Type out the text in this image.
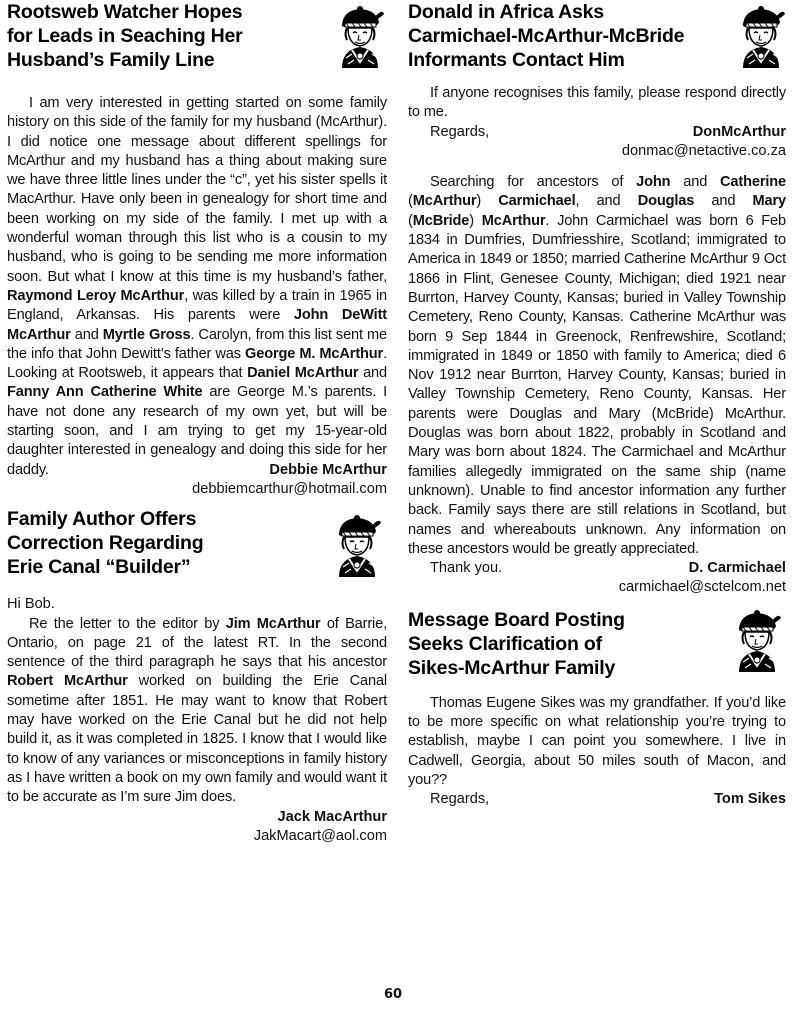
Rootsweb Watcher Hopes
for Leads in Seaching Her
Husband’s Family Line
I am very interested in getting started on some family history on this side of the family for my husband (McArthur). I did notice one message about different spellings for McArthur and my husband has a thing about making sure we have three little lines under the “c”, yet his sister spells it MacArthur. Have only been in genealogy for short time and been working on my side of the family. I met up with a wonderful woman through this list who is a cousin to my husband, who is going to be sending me more information soon. But what I know at this time is my husband’s father, Raymond Leroy McArthur, was killed by a train in 1965 in England, Arkansas. His parents were John DeWitt McArthur and Myrtle Gross. Carolyn, from this list sent me the info that John Dewitt’s father was George M. McArthur. Looking at Rootsweb, it appears that Daniel McArthur and Fanny Ann Catherine White are George M.’s parents. I have not done any research of my own yet, but will be starting soon, and I am trying to get my 15-year-old daughter interested in genealogy and doing this side for her daddy.	Debbie McArthur
debbiemcarthur@hotmail.com
Family Author Offers
Correction Regarding
Erie Canal “Builder”
Hi Bob.
Re the letter to the editor by Jim McArthur of Barrie, Ontario, on page 21 of the latest RT. In the second sentence of the third paragraph he says that his ancestor Robert McArthur worked on building the Erie Canal sometime after 1851. He may want to know that Robert may have worked on the Erie Canal but he did not help build it, as it was completed in 1825. I know that I would like to know of any variances or misconceptions in family history as I have written a book on my own family and would want it to be accurate as I’m sure Jim does.
Jack MacArthur
JakMacart@aol.com
Donald in Africa Asks
Carmichael-McArthur-McBride
Informants Contact Him
If anyone recognises this family, please respond directly to me.
Regards,	DonMcArthur
donmac@netactive.co.za
Searching for ancestors of John and Catherine (McArthur) Carmichael, and Douglas and Mary (McBride) McArthur. John Carmichael was born 6 Feb 1834 in Dumfries, Dumfriesshire, Scotland; immigrated to America in 1849 or 1850; married Catherine McArthur 9 Oct 1866 in Flint, Genesee County, Michigan; died 1921 near Burrton, Harvey County, Kansas; buried in Valley Township Cemetery, Reno County, Kansas. Catherine McArthur was born 9 Sep 1844 in Greenock, Renfrewshire, Scotland; immigrated in 1849 or 1850 with family to America; died 6 Nov 1912 near Burrton, Harvey County, Kansas; buried in Valley Township Cemetery, Reno County, Kansas. Her parents were Douglas and Mary (McBride) McArthur. Douglas was born about 1822, probably in Scotland and Mary was born about 1824. The Carmichael and McArthur families allegedly immigrated on the same ship (name unknown). Unable to find ancestor information any further back. Family says there are still relations in Scotland, but names and whereabouts unknown. Any information on these ancestors would be greatly appreciated.
Thank you.	D. Carmichael
carmichael@sctelcom.net
Message Board Posting
Seeks Clarification of
Sikes-McArthur Family
Thomas Eugene Sikes was my grandfather. If you’d like to be more specific on what relationship you’re trying to establish, maybe I can point you somewhere. I live in Cadwell, Georgia, about 50 miles south of Macon, and you??
Regards,	Tom Sikes
60
